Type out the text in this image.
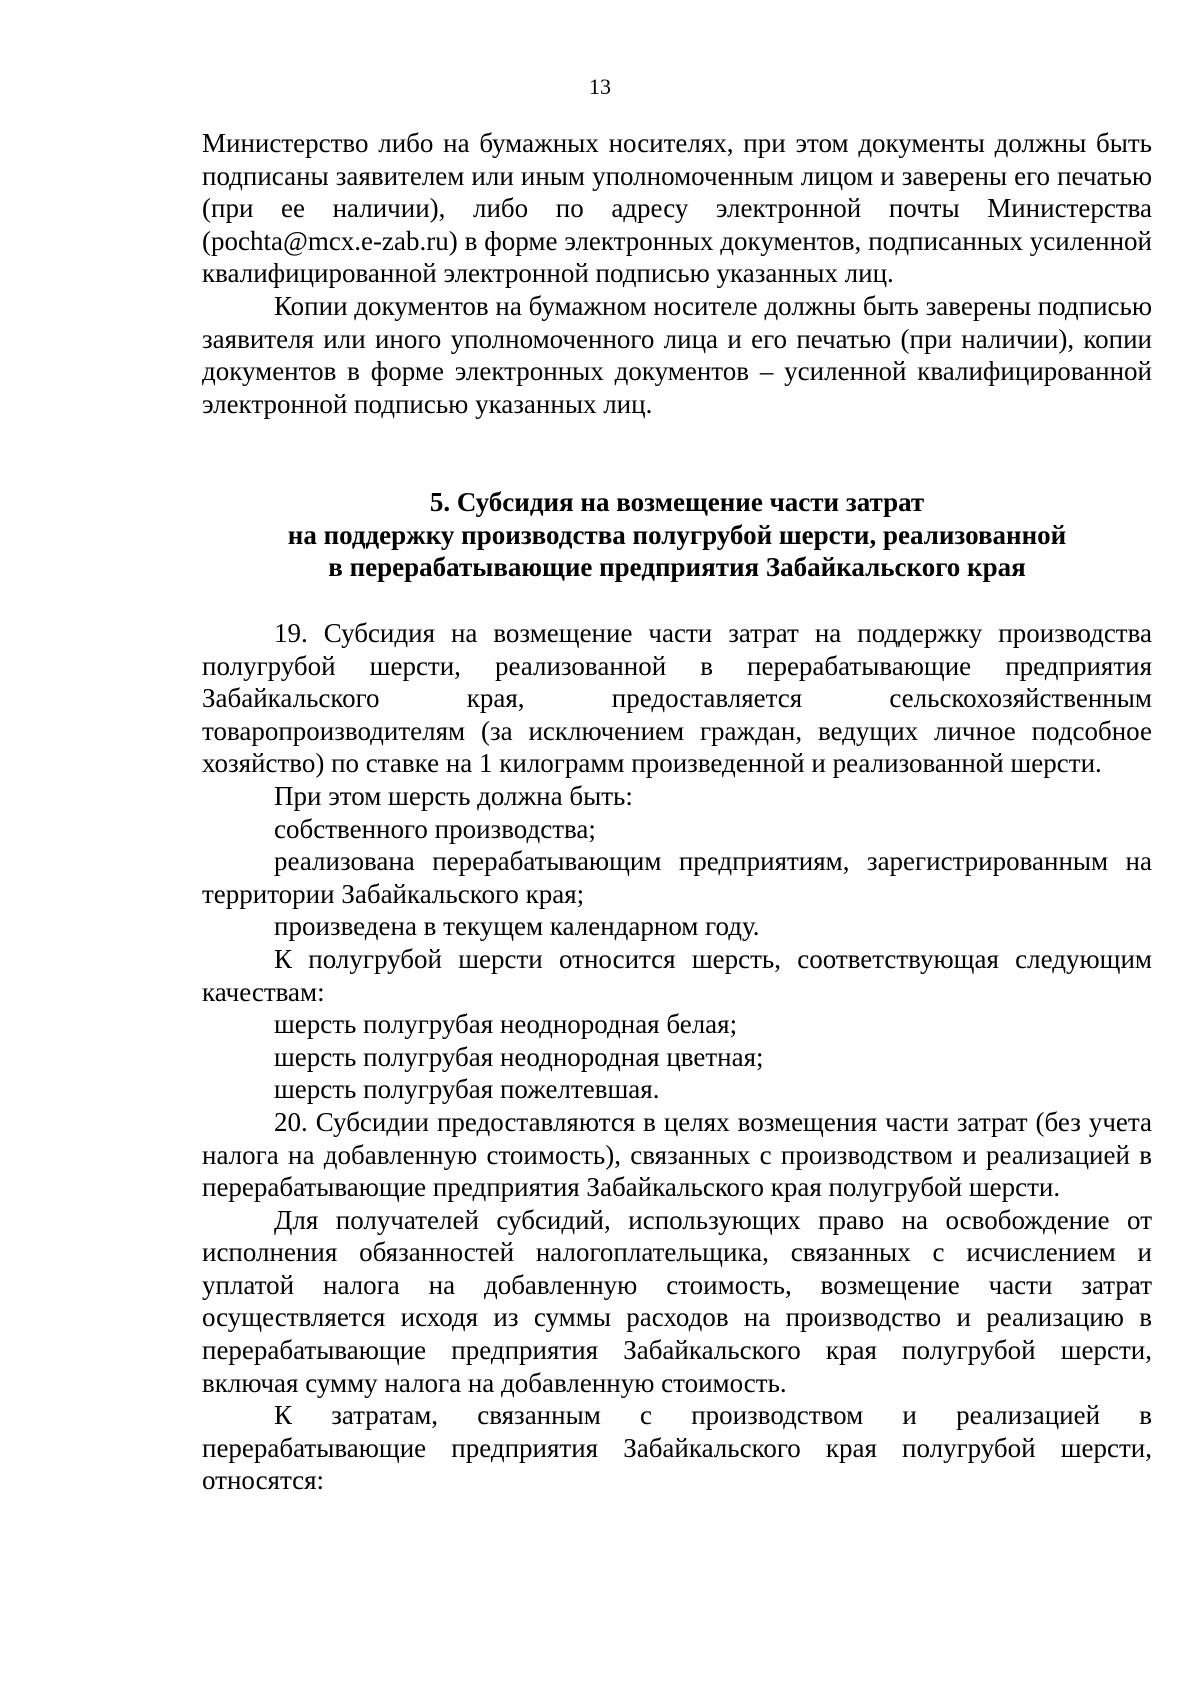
13

Министерство либо на бумажных носителях, при этом документы должны быть подписаны заявителем или иным уполномоченным лицом и заверены его печатью (при ее наличии), либо по адресу электронной почты Министерства (pochta@mcx.e-zab.ru) в форме электронных документов, подписанных усиленной квалифицированной электронной подписью указанных лиц.

Копии документов на бумажном носителе должны быть заверены подписью заявителя или иного уполномоченного лица и его печатью (при наличии), копии документов в форме электронных документов – усиленной квалифицированной электронной подписью указанных лиц.

5. Субсидия на возмещение части затрат
на поддержку производства полугрубой шерсти, реализованной
в перерабатывающие предприятия Забайкальского края

19. Субсидия на возмещение части затрат на поддержку производства полугрубой шерсти, реализованной в перерабатывающие предприятия Забайкальского края, предоставляется сельскохозяйственным товаропроизводителям (за исключением граждан, ведущих личное подсобное хозяйство) по ставке на 1 килограмм произведенной и реализованной шерсти.

При этом шерсть должна быть:

собственного производства;

реализована перерабатывающим предприятиям, зарегистрированным на территории Забайкальского края;

произведена в текущем календарном году.

К полугрубой шерсти относится шерсть, соответствующая следующим качествам:

шерсть полугрубая неоднородная белая;

шерсть полугрубая неоднородная цветная;

шерсть полугрубая пожелтевшая.

20. Субсидии предоставляются в целях возмещения части затрат (без учета налога на добавленную стоимость), связанных с производством и реализацией в перерабатывающие предприятия Забайкальского края полугрубой шерсти.

Для получателей субсидий, использующих право на освобождение от исполнения обязанностей налогоплательщика, связанных с исчислением и уплатой налога на добавленную стоимость, возмещение части затрат осуществляется исходя из суммы расходов на производство и реализацию в перерабатывающие предприятия Забайкальского края полугрубой шерсти, включая сумму налога на добавленную стоимость.

К затратам, связанным с производством и реализацией в перерабатывающие предприятия Забайкальского края полугрубой шерсти, относятся:
